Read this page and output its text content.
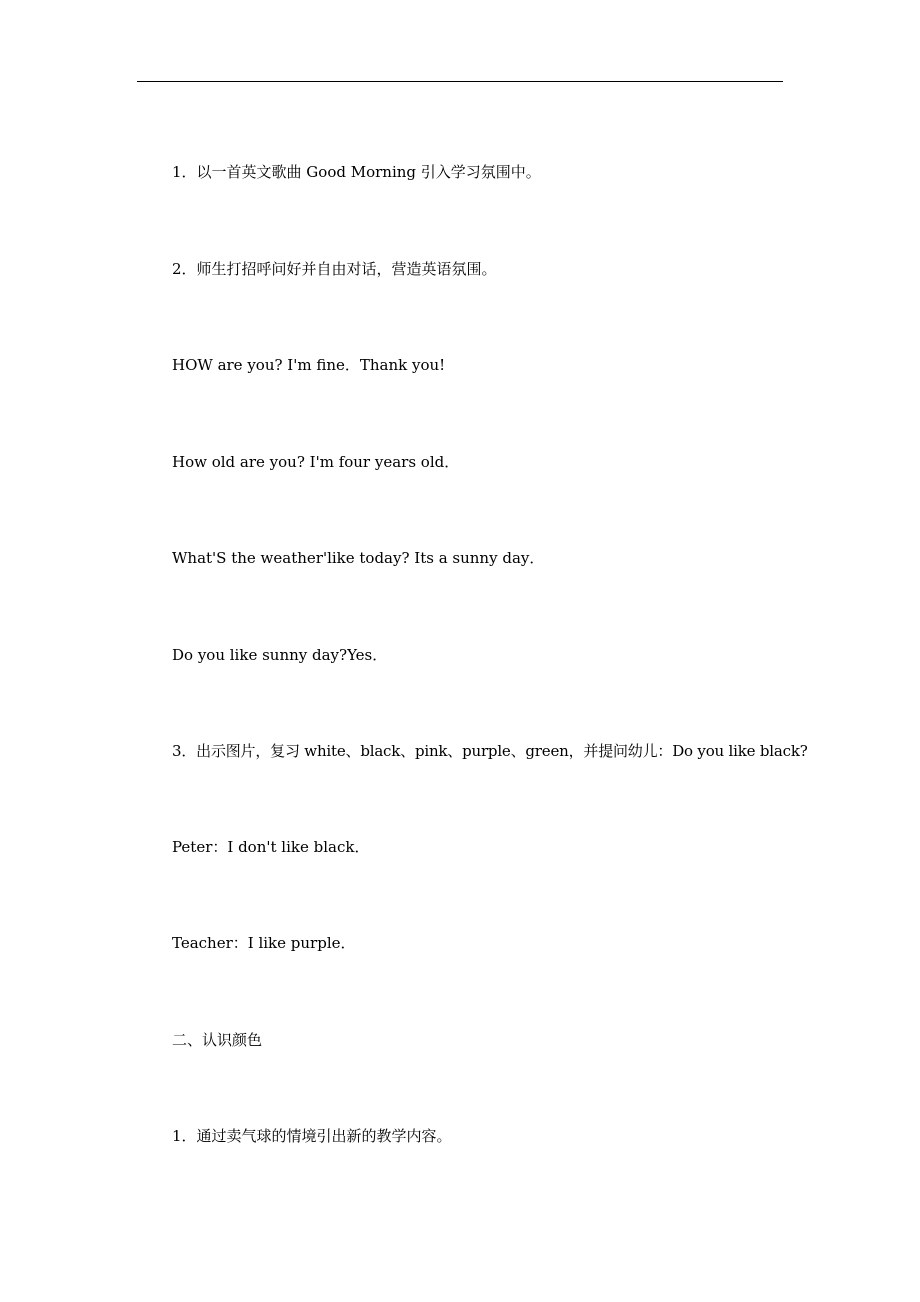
1．以一首英文歌曲 Good Morning 引入学习氛围中。
2．师生打招呼问好并自由对话，营造英语氛围。
HOW are you? I'm fine．Thank you!
How old are you? I'm four years old．
What'S the weather'like today? Its a sunny day．
Do you like sunny day?Yes．
3．出示图片，复习 white、black、pink、purple、green，并提问幼儿：Do you like black?
Peter：I don't like black．
Teacher：I like purple．
二、认识颜色
1．通过卖气球的情境引出新的教学内容。
